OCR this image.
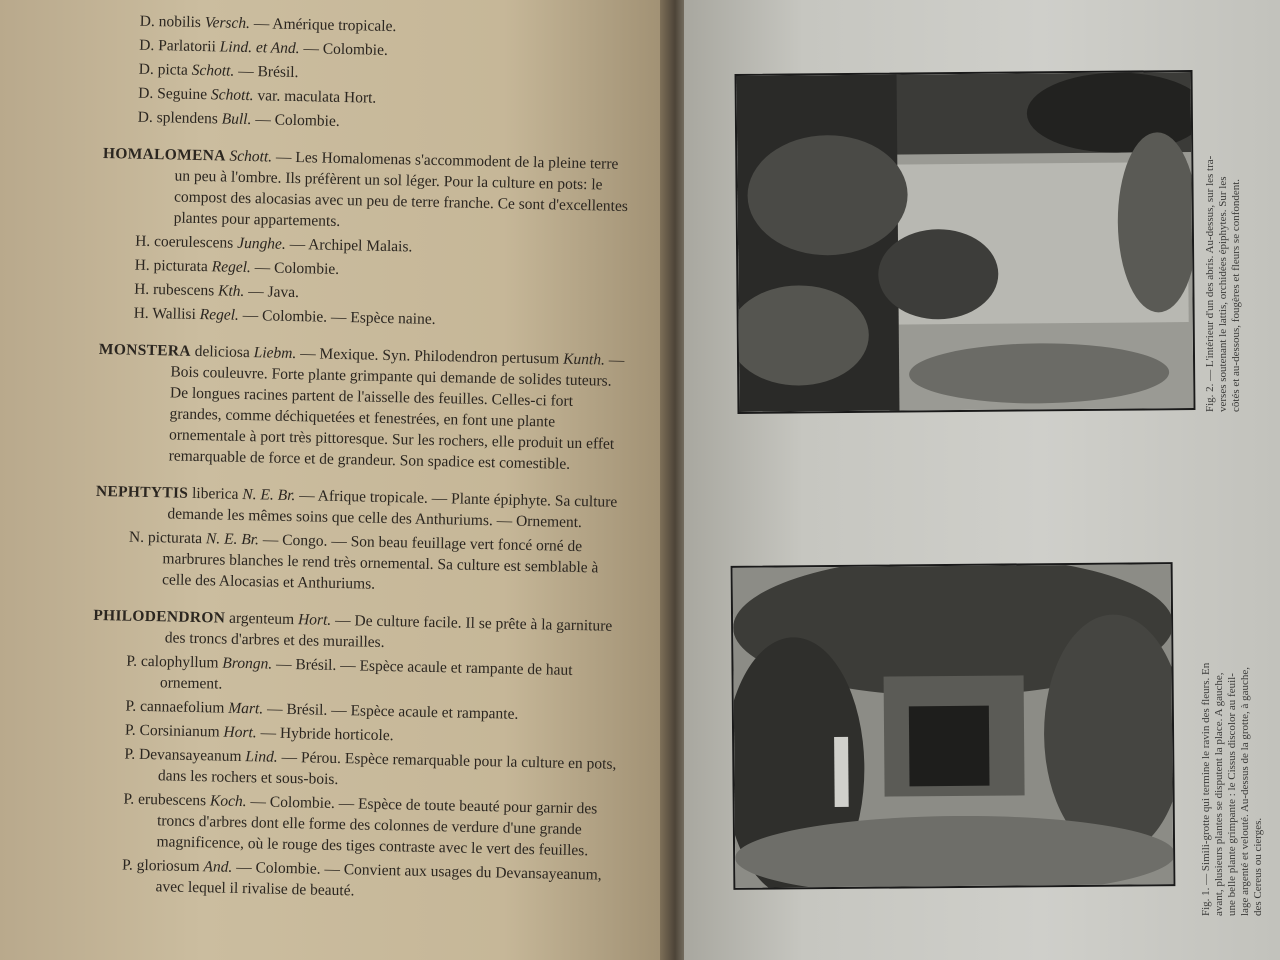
D. nobilis Versch. — Amérique tropicale.
D. Parlatorii Lind. et And. — Colombie.
D. picta Schott. — Brésil.
D. Seguine Schott. var. maculata Hort.
D. splendens Bull. — Colombie.
HOMALOMENA Schott. — Les Homalomenas s'accommodent de la pleine terre un peu à l'ombre. Ils préfèrent un sol léger. Pour la culture en pots: le compost des alocasias avec un peu de terre franche. Ce sont d'excellentes plantes pour appartements.
H. coerulescens Junghe. — Archipel Malais.
H. picturata Regel. — Colombie.
H. rubescens Kth. — Java.
H. Wallisi Regel. — Colombie. — Espèce naine.
MONSTERA deliciosa Liebm. — Mexique. Syn. Philodendron pertusum Kunth. — Bois couleuvre. Forte plante grimpante qui demande de solides tuteurs. De longues racines partent de l'aisselle des feuilles. Celles-ci fort grandes, comme déchiquetées et fenestrées, en font une plante ornementale à port très pittoresque. Sur les rochers, elle produit un effet remarquable de force et de grandeur. Son spadice est comestible.
NEPHTYTIS liberica N. E. Br. — Afrique tropicale. — Plante épiphyte. Sa culture demande les mêmes soins que celle des Anthuriums. — Ornement.
N. picturata N. E. Br. — Congo. — Son beau feuillage vert foncé orné de marbrures blanches le rend très ornemental. Sa culture est semblable à celle des Alocasias et Anthuriums.
PHILODENDRON argenteum Hort. — De culture facile. Il se prête à la garniture des troncs d'arbres et des murailles.
P. calophyllum Brongn. — Brésil. — Espèce acaule et rampante de haut ornement.
P. cannaefolium Mart. — Brésil. — Espèce acaule et rampante.
P. Corsinianum Hort. — Hybride horticole.
P. Devansayeanum Lind. — Pérou. Espèce remarquable pour la culture en pots, dans les rochers et sous-bois.
P. erubescens Koch. — Colombie. — Espèce de toute beauté pour garnir des troncs d'arbres dont elle forme des colonnes de verdure d'une grande magnificence, où le rouge des tiges contraste avec le vert des feuilles.
P. gloriosum And. — Colombie. — Convient aux usages du Devansayeanum, avec lequel il rivalise de beauté.
Fig. 2. — L'intérieur d'un des abris. Au-dessus, sur les tra- verses soutenant le lattis, orchidées épiphytes. Sur les côtés et au-dessous, fougères et fleurs se confondent.
Fig. 1. — Simili-grotte qui termine le ravin des fleurs. En avant, plusieurs plantes se disputent la place. A gauche, une belle plante grimpante : le Cissus discolor au feuil- lage argenté et velouté. Au-dessus de la grotte, à gauche, des Cereus ou cierges.
